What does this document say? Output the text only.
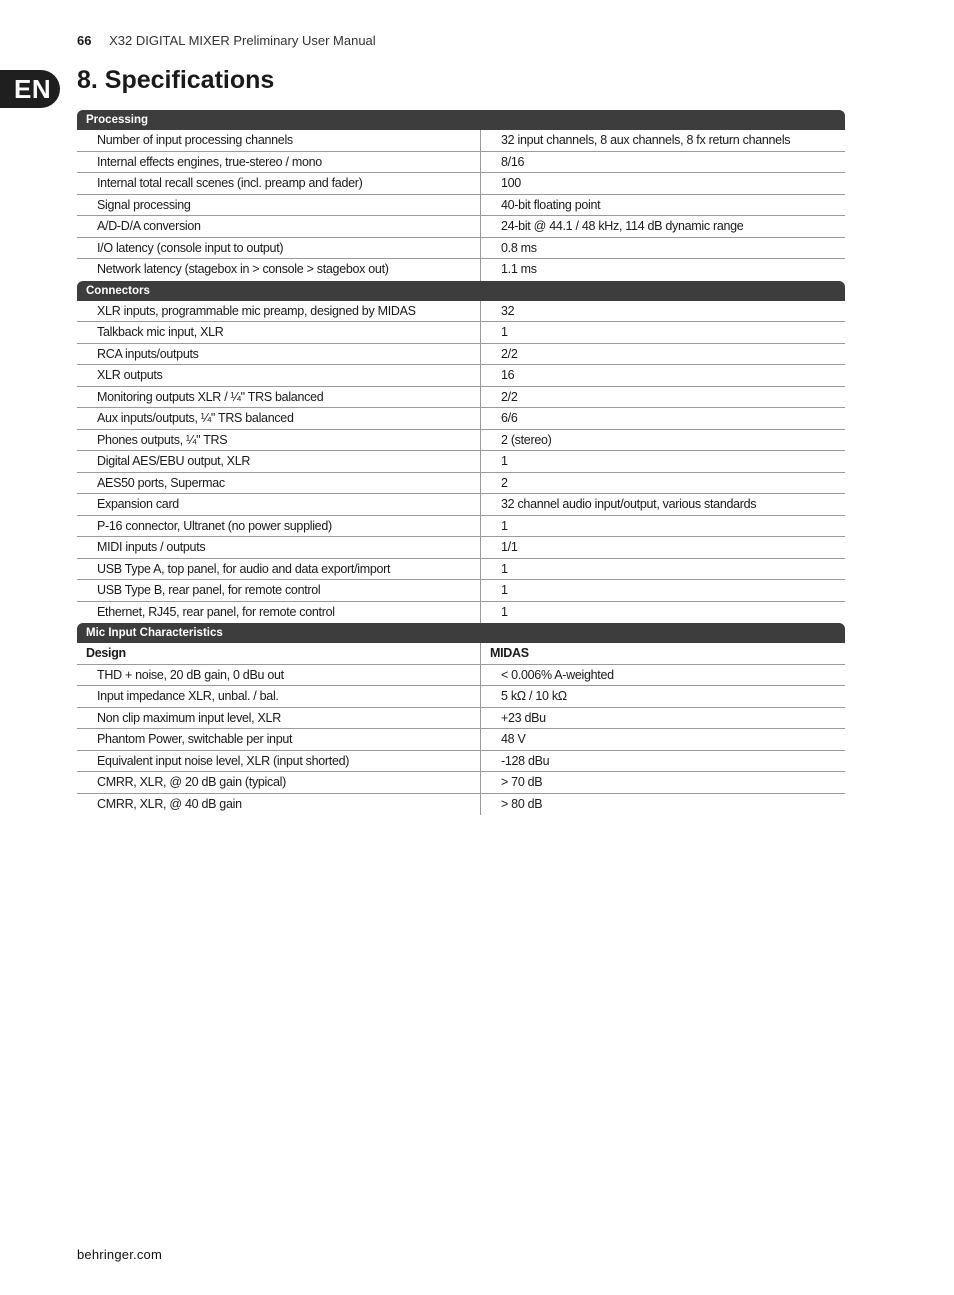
66 X32 DIGITAL MIXER Preliminary User Manual
EN	8. Specifications
Processing
Number of input processing channels	32 input channels, 8 aux channels, 8 fx return channels
Internal effects engines, true-stereo / mono	8/16
Internal total recall scenes (incl. preamp and fader)	100
Signal processing	40-bit floating point
A/D-D/A conversion	24-bit @ 44.1 / 48 kHz, 114 dB dynamic range
I/O latency (console input to output)	0.8 ms
Network latency (stagebox in > console > stagebox out)	1.1 ms
Connectors
XLR inputs, programmable mic preamp, designed by MIDAS	32
Talkback mic input, XLR	1
RCA inputs/outputs	2/2
XLR outputs	16
Monitoring outputs XLR / ¼" TRS balanced	2/2
Aux inputs/outputs, ¼" TRS balanced	6/6
Phones outputs, ¼" TRS	2 (stereo)
Digital AES/EBU output, XLR	1
AES50 ports, Supermac	2
Expansion card	32 channel audio input/output, various standards
P-16 connector, Ultranet (no power supplied)	1
MIDI inputs / outputs	1/1
USB Type A, top panel, for audio and data export/import	1
USB Type B, rear panel, for remote control	1
Ethernet, RJ45, rear panel, for remote control	1
Mic Input Characteristics
Design	MIDAS
THD + noise, 20 dB gain, 0 dBu out	< 0.006% A-weighted
Input impedance XLR, unbal. / bal.	5 kΩ / 10 kΩ
Non clip maximum input level, XLR	+23 dBu
Phantom Power, switchable per input	48 V
Equivalent input noise level, XLR (input shorted)	-128 dBu
CMRR, XLR, @ 20 dB gain (typical)	> 70 dB
CMRR, XLR, @ 40 dB gain	> 80 dB
behringer.com
